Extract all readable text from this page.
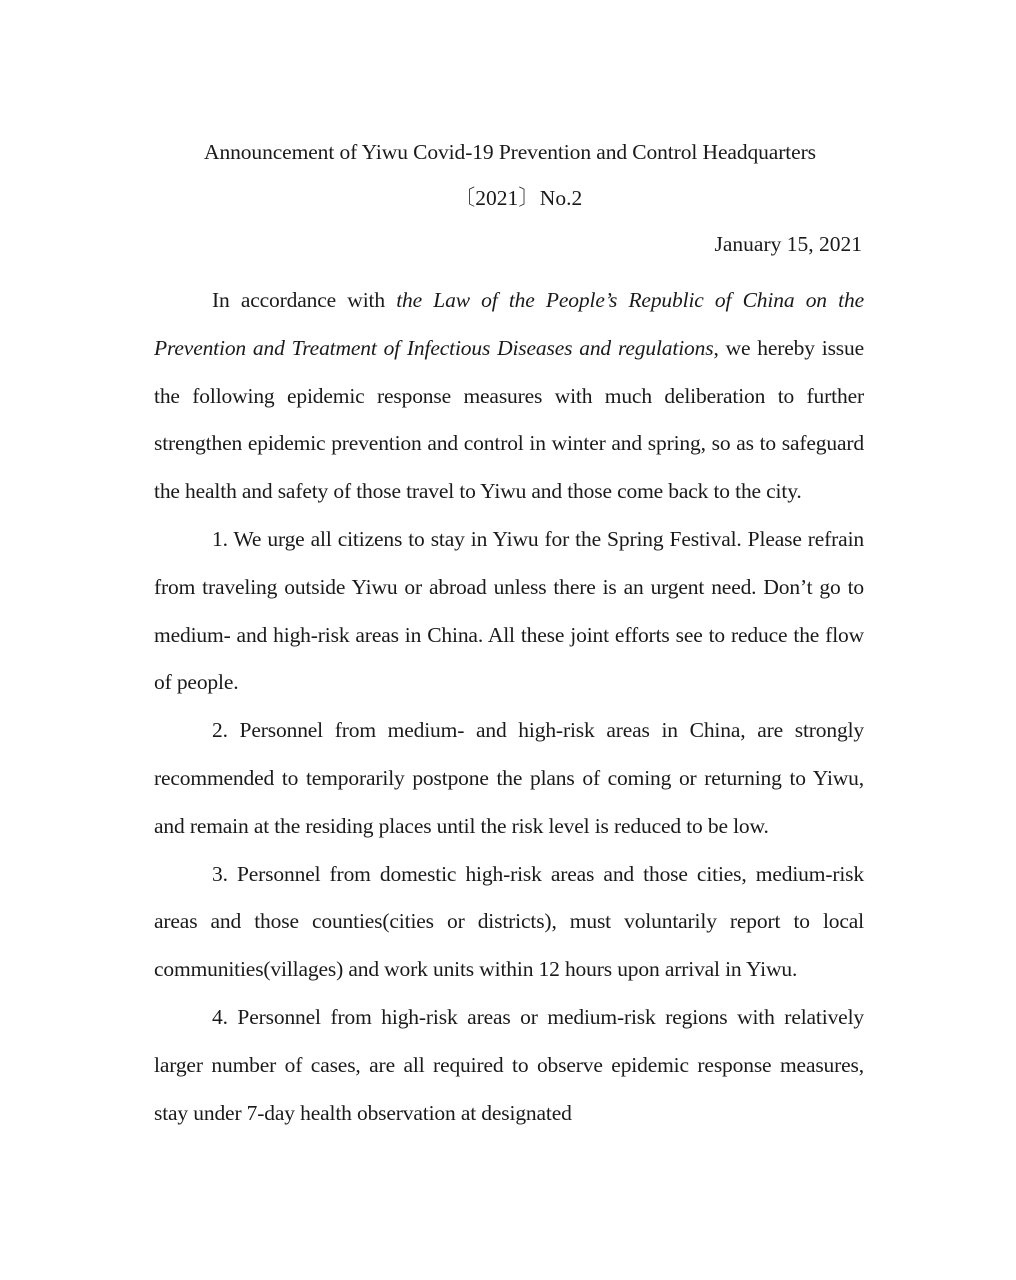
Announcement of Yiwu Covid-19 Prevention and Control Headquarters

〔2021〕No.2

January 15, 2021

In accordance with the Law of the People’s Republic of China on the Prevention and Treatment of Infectious Diseases and regulations, we hereby issue the following epidemic response measures with much deliberation to further strengthen epidemic prevention and control in winter and spring, so as to safeguard the health and safety of those travel to Yiwu and those come back to the city.

1. We urge all citizens to stay in Yiwu for the Spring Festival. Please refrain from traveling outside Yiwu or abroad unless there is an urgent need. Don’t go to medium- and high-risk areas in China. All these joint efforts see to reduce the flow of people.

2. Personnel from medium- and high-risk areas in China, are strongly recommended to temporarily postpone the plans of coming or returning to Yiwu, and remain at the residing places until the risk level is reduced to be low.

3. Personnel from domestic high-risk areas and those cities, medium-risk areas and those counties(cities or districts), must voluntarily report to local communities(villages) and work units within 12 hours upon arrival in Yiwu.

4. Personnel from high-risk areas or medium-risk regions with relatively larger number of cases, are all required to observe epidemic response measures, stay under 7-day health observation at designated
